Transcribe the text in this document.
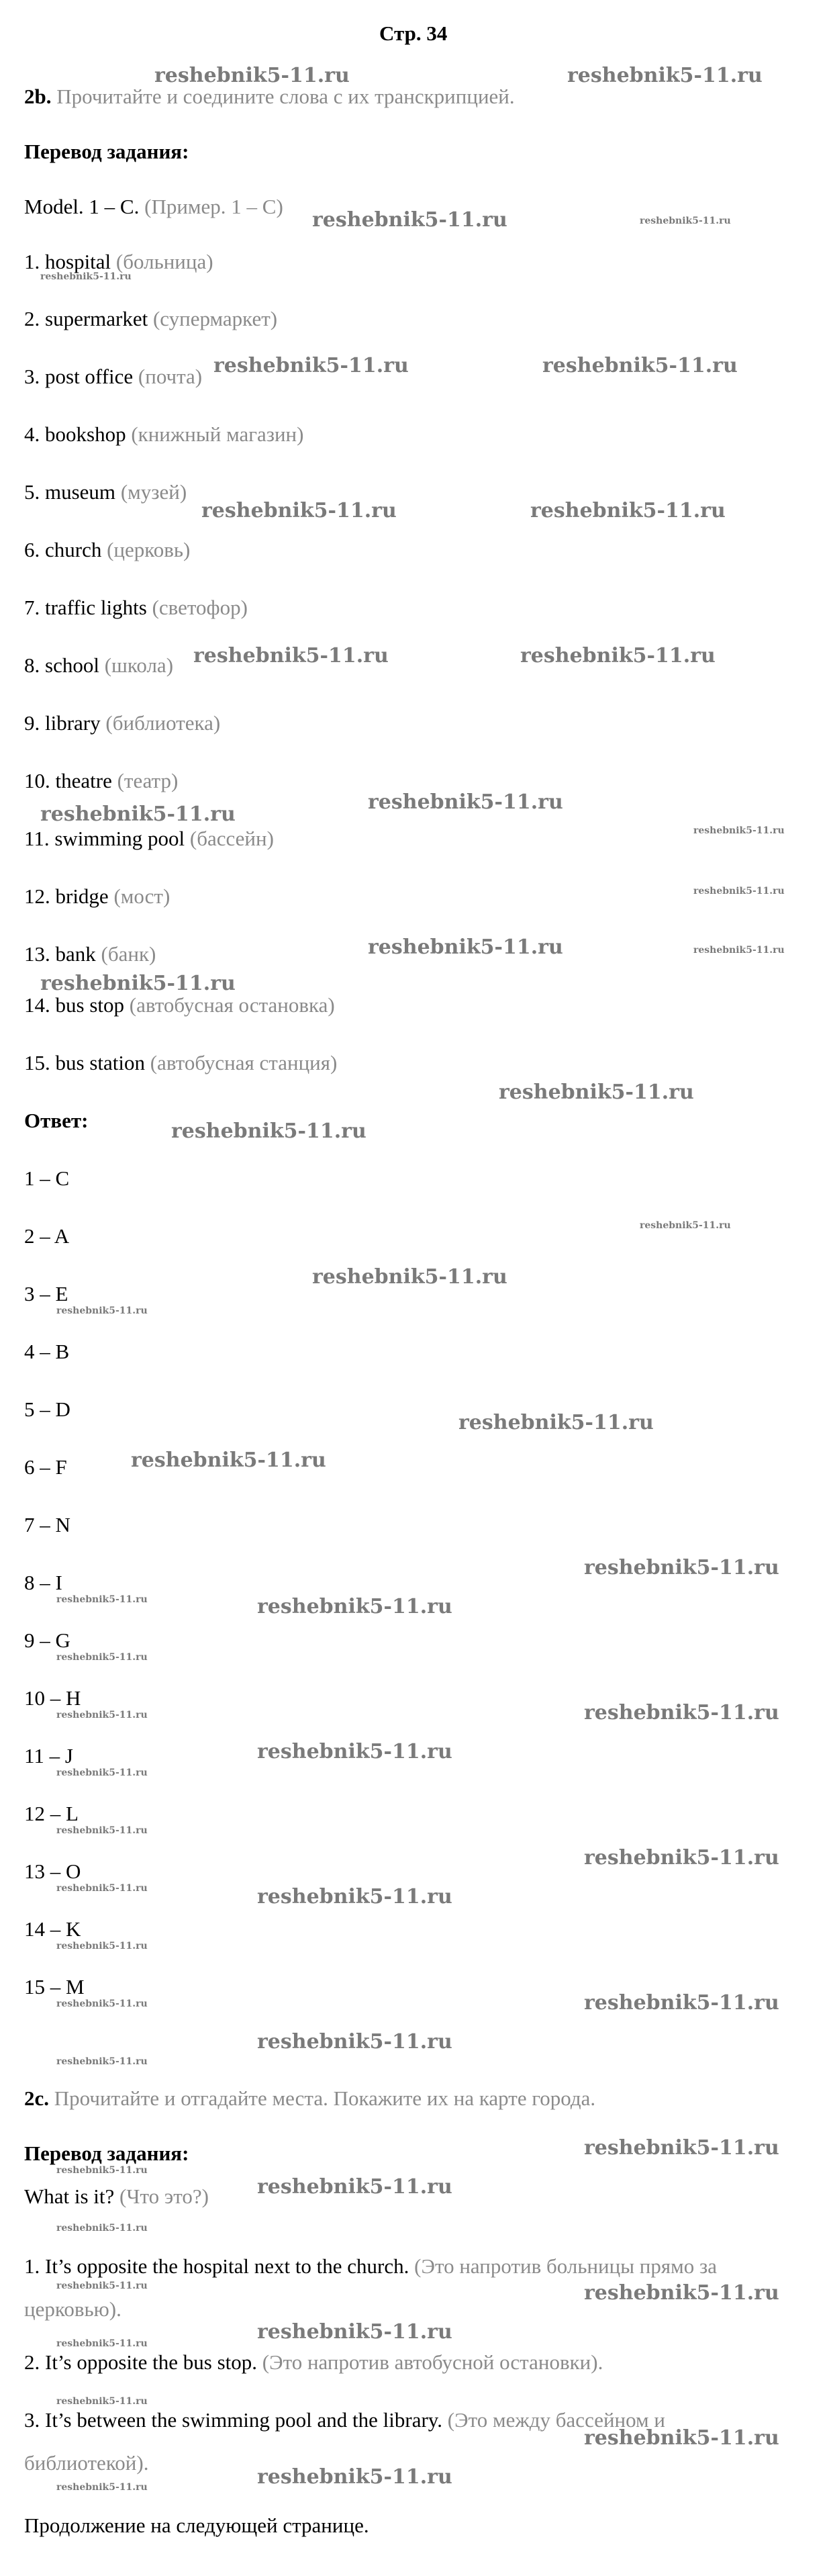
Стр. 34
2b. Прочитайте и соедините слова с их транскрипцией.
Перевод задания:
Model. 1 – C. (Пример. 1 – C)
1. hospital (больница)
2. supermarket (супермаркет)
3. post office (почта)
4. bookshop (книжный магазин)
5. museum (музей)
6. church (церковь)
7. traffic lights (светофор)
8. school (школа)
9. library (библиотека)
10. theatre (театр)
11. swimming pool (бассейн)
12. bridge (мост)
13. bank (банк)
14. bus stop (автобусная остановка)
15. bus station (автобусная станция)
Ответ:
1 – C
2 – A
3 – E
4 – B
5 – D
6 – F
7 – N
8 – I
9 – G
10 – H
11 – J
12 – L
13 – O
14 – K
15 – M
2c. Прочитайте и отгадайте места. Покажите их на карте города.
Перевод задания:
What is it? (Что это?)
1. It’s opposite the hospital next to the church. (Это напротив больницы прямо за
церковью).
2. It’s opposite the bus stop. (Это напротив автобусной остановки).
3. It’s between the swimming pool and the library. (Это между бассейном и
библиотекой).
Продолжение на следующей странице.
reshebnik5-11.ru	reshebnik5-11.ru
reshebnik5-11.ru
reshebnik5-11.ru	reshebnik5-11.ru
reshebnik5-11.ru	reshebnik5-11.ru
reshebnik5-11.ru	reshebnik5-11.ru
reshebnik5-11.ru
reshebnik5-11.ru
reshebnik5-11.ru
reshebnik5-11.ru
reshebnik5-11.ru
reshebnik5-11.ru
reshebnik5-11.ru
reshebnik5-11.ru
reshebnik5-11.ru
reshebnik5-11.ru
reshebnik5-11.ru
reshebnik5-11.ru
reshebnik5-11.ru
reshebnik5-11.ru
reshebnik5-11.ru
reshebnik5-11.ru
reshebnik5-11.ru
reshebnik5-11.ru
reshebnik5-11.ru
reshebnik5-11.ru
reshebnik5-11.ru
reshebnik5-11.ru
reshebnik5-11.ru
reshebnik5-11.ru
reshebnik5-11.ru
reshebnik5-11.ru
reshebnik5-11.ru
reshebnik5-11.ru
reshebnik5-11.ru
reshebnik5-11.ru
reshebnik5-11.ru
reshebnik5-11.ru
reshebnik5-11.ru
reshebnik5-11.ru
reshebnik5-11.ru
reshebnik5-11.ru
reshebnik5-11.ru
reshebnik5-11.ru
reshebnik5-11.ru
reshebnik5-11.ru
reshebnik5-11.ru
reshebnik5-11.ru
reshebnik5-11.ru
reshebnik5-11.ru
reshebnik5-11.ru
